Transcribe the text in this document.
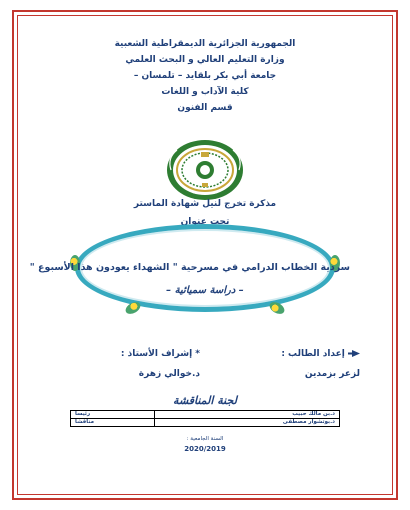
الجمهورية الجزائرية الديمقراطية الشعبية
وزارة التعليم العالي و البحث العلمي
جامعة أبي بكر بلقايد – تلمسان –
كلية الآداب و اللغات
قسم الفنون
مذكرة تخرج لنيل شهادة الماستر
تحت عنوان
سردية الخطاب الدرامي في مسرحية " الشهداء يعودون هذا الأسبوع "
– دراسة سميائية –
إعداد الطالب :
* إشراف الأستاذ :
لزعر بزمدين
د.خوالي زهرة
لجنة المناقشة
د.بن مالك حبيب	رئيسا
د.بوتشوار مصطفى	مناقشا
السنة الجامعية :
2020/2019
